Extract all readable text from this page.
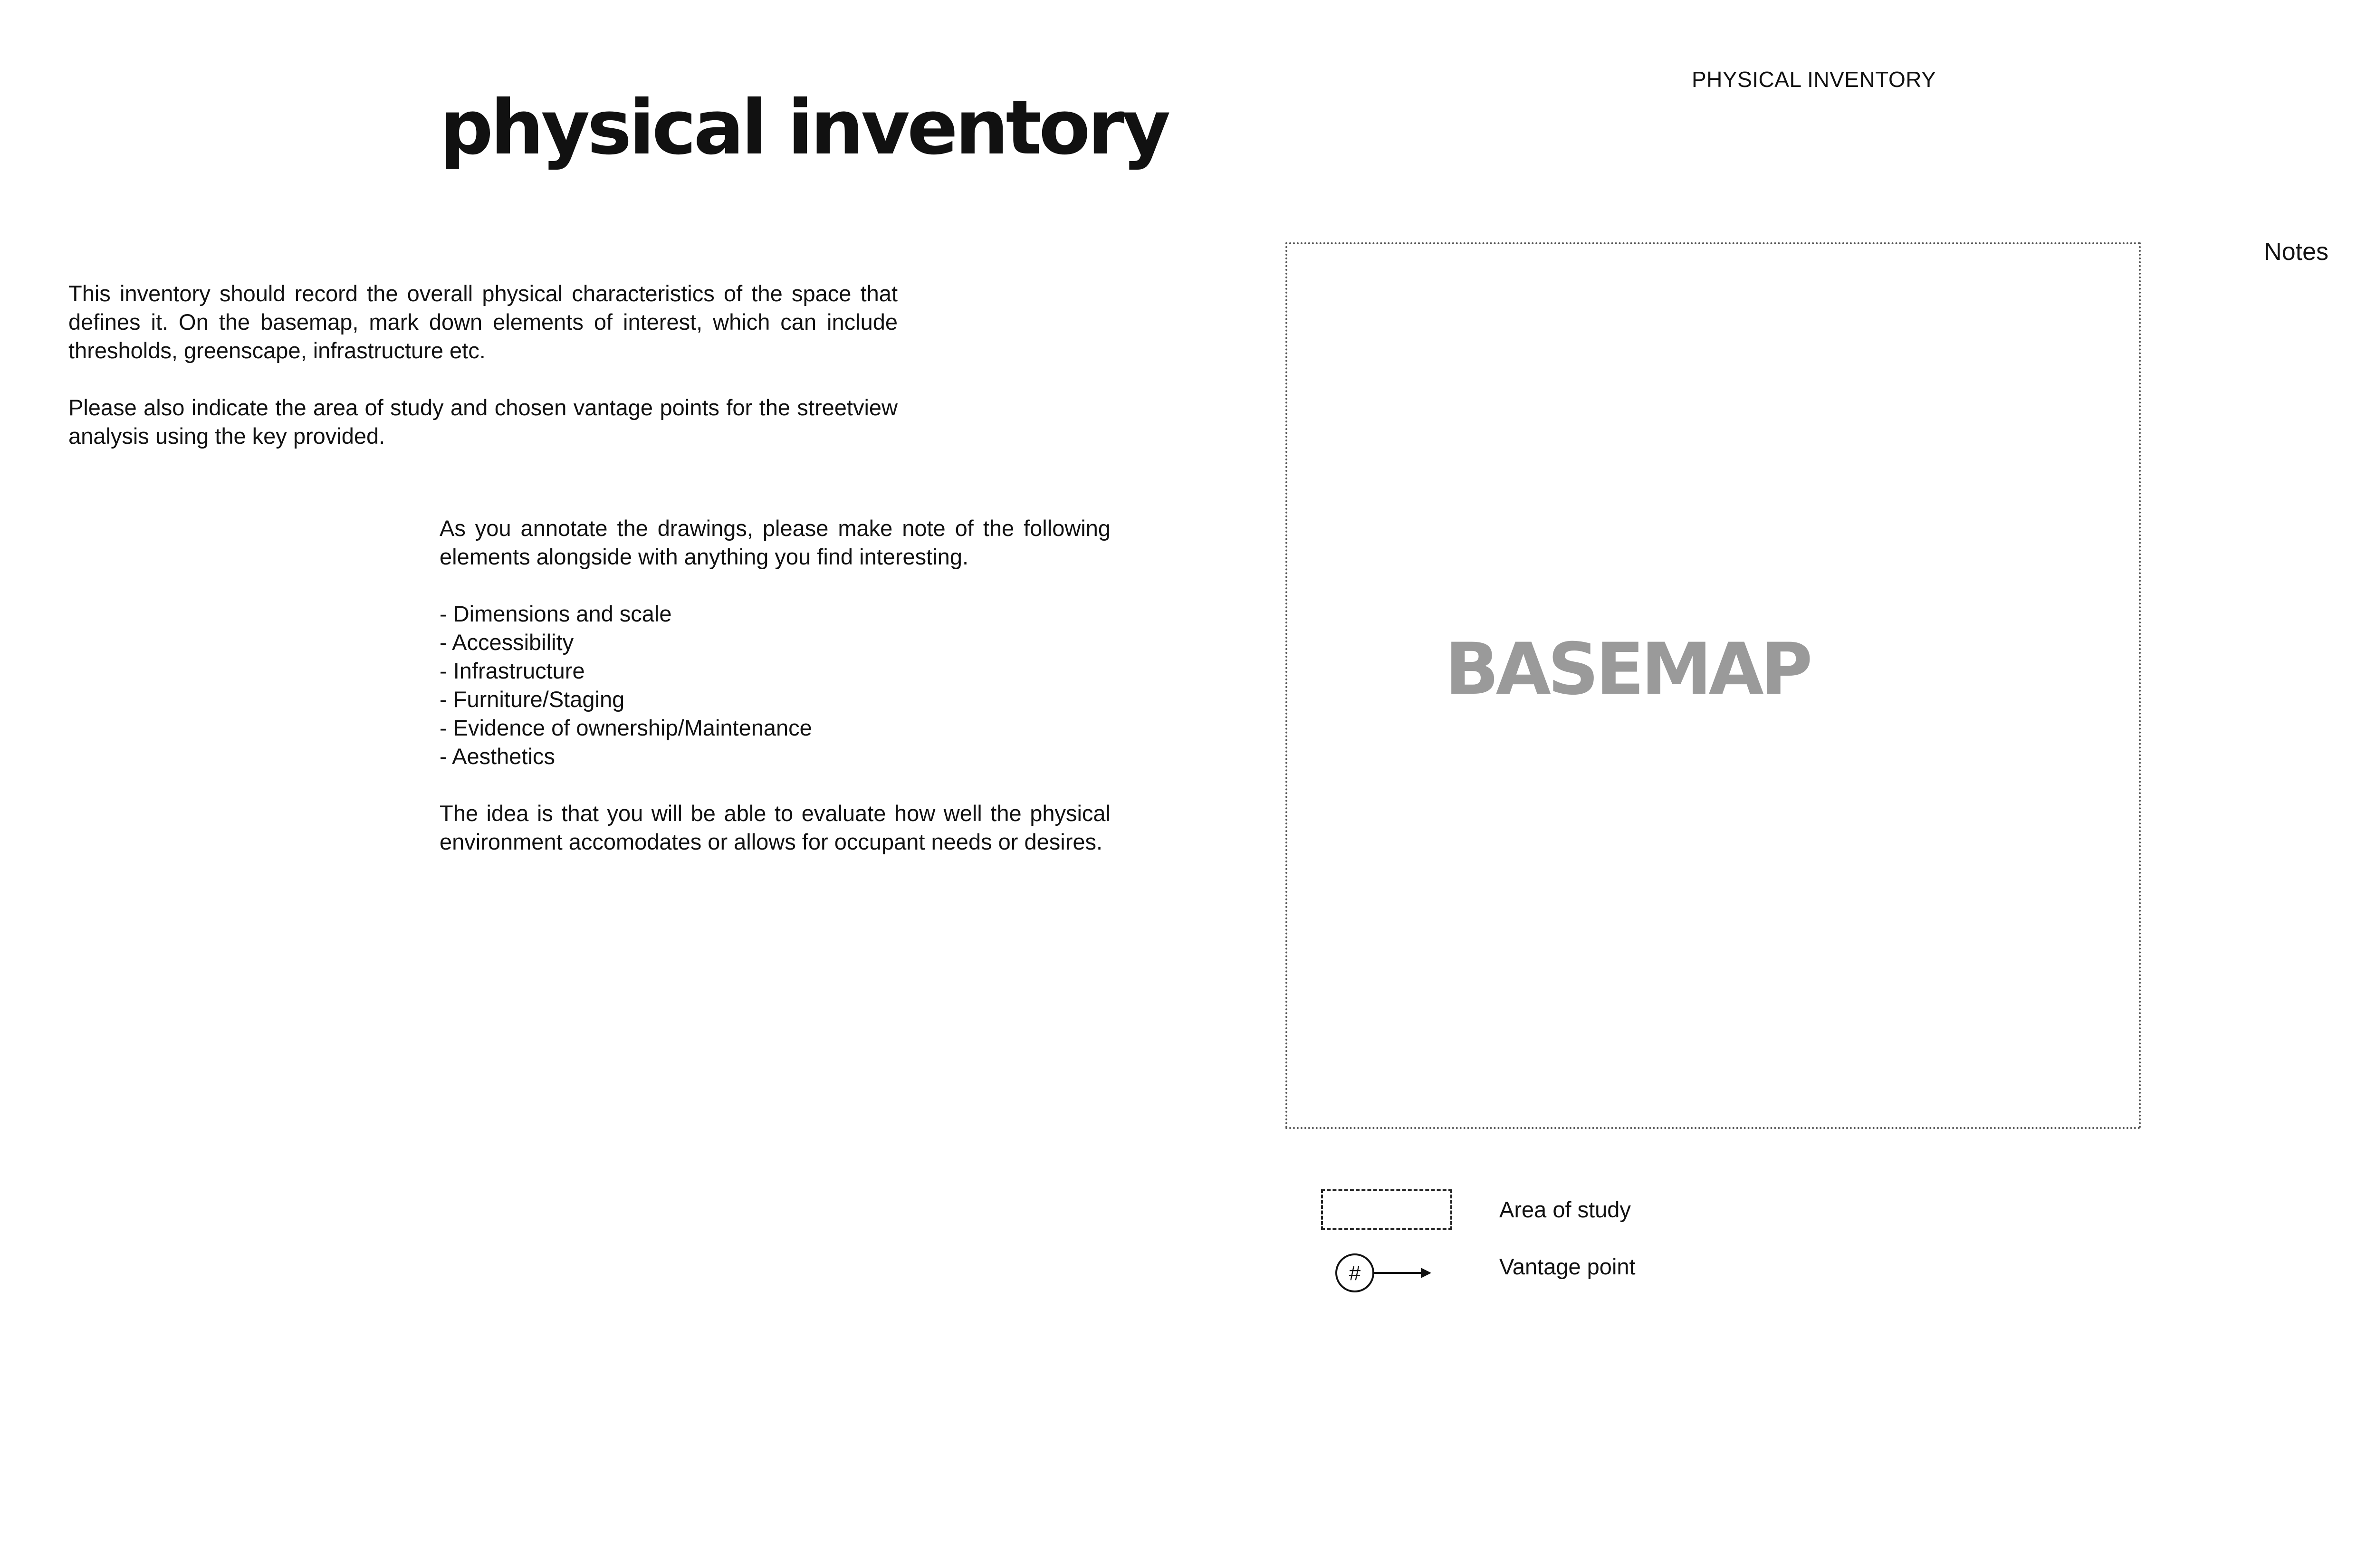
PHYSICAL INVENTORY
physical inventory

This inventory should record the overall physical characteristics of the space that defines it. On the basemap, mark down elements of interest, which can include thresholds, greenscape, infrastructure etc.

Please also indicate the area of study and chosen vantage points for the streetview analysis using the key provided.

As you annotate the drawings, please make note of the following elements alongside with anything you find interesting.

- Dimensions and scale
- Accessibility
- Infrastructure
- Furniture/Staging
- Evidence of ownership/Maintenance
- Aesthetics

The idea is that you will be able to evaluate how well the physical environment accomodates or allows for occupant needs or desires.

BASEMAP
Notes
Area of study
#	Vantage point
